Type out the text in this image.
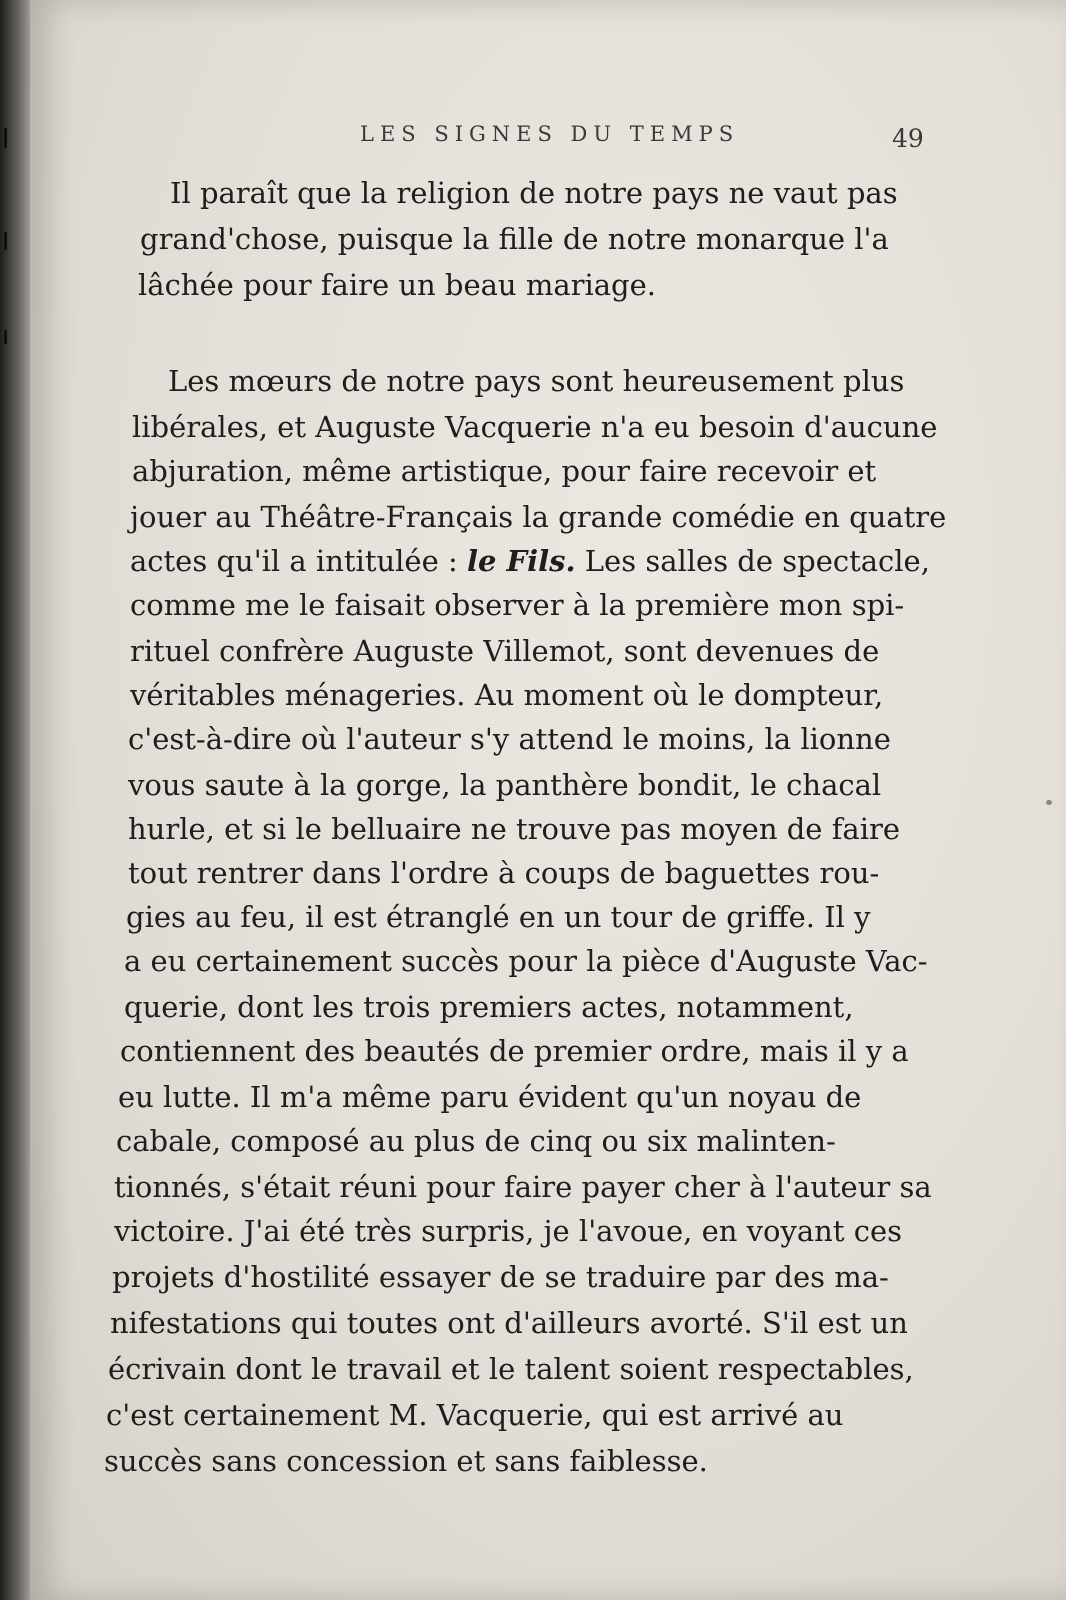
LES SIGNES DU TEMPS	49
Il paraît que la religion de notre pays ne vaut pas
grand'chose, puisque la fille de notre monarque l'a
lâchée pour faire un beau mariage.
Les mœurs de notre pays sont heureusement plus
libérales, et Auguste Vacquerie n'a eu besoin d'aucune
abjuration, même artistique, pour faire recevoir et
jouer au Théâtre-Français la grande comédie en quatre
actes qu'il a intitulée : le Fils. Les salles de spectacle,
comme me le faisait observer à la première mon spi-
rituel confrère Auguste Villemot, sont devenues de
véritables ménageries. Au moment où le dompteur,
c'est-à-dire où l'auteur s'y attend le moins, la lionne
vous saute à la gorge, la panthère bondit, le chacal
hurle, et si le belluaire ne trouve pas moyen de faire
tout rentrer dans l'ordre à coups de baguettes rou-
gies au feu, il est étranglé en un tour de griffe. Il y
a eu certainement succès pour la pièce d'Auguste Vac-
querie, dont les trois premiers actes, notamment,
contiennent des beautés de premier ordre, mais il y a
eu lutte. Il m'a même paru évident qu'un noyau de
cabale, composé au plus de cinq ou six malinten-
tionnés, s'était réuni pour faire payer cher à l'auteur sa
victoire. J'ai été très surpris, je l'avoue, en voyant ces
projets d'hostilité essayer de se traduire par des ma-
nifestations qui toutes ont d'ailleurs avorté. S'il est un
écrivain dont le travail et le talent soient respectables,
c'est certainement M. Vacquerie, qui est arrivé au
succès sans concession et sans faiblesse.
